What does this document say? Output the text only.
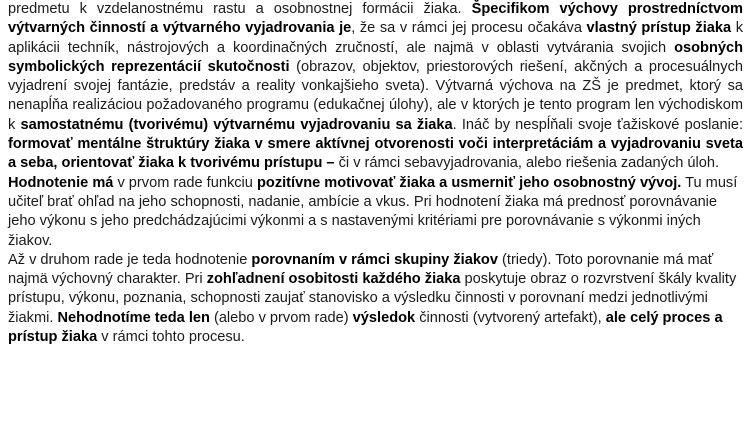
predmetu k vzdelanostnému rastu a osobnostnej formácii žiaka. Špecifikom výchovy prostredníctvom výtvarných činností a výtvarného vyjadrovania je, že sa v rámci jej procesu očakáva vlastný prístup žiaka k aplikácii techník, nástrojových a koordinačných zručností, ale najmä v oblasti vytvárania svojich osobných symbolických reprezentácií skutočnosti (obrazov, objektov, priestorových riešení, akčných a procesuálnych vyjadrení svojej fantázie, predstáv a reality vonkajšieho sveta). Výtvarná výchova na ZŠ je predmet, ktorý sa nenapĺňa realizáciou požadovaného programu (edukačnej úlohy), ale v ktorých je tento program len východiskom k samostatnému (tvorivému) výtvarnému vyjadrovaniu sa žiaka. Ináč by nespĺňali svoje ťažiskové poslanie: formovať mentálne štruktúry žiaka v smere aktívnej otvorenosti voči interpretáciám a vyjadrovaniu sveta a seba, orientovať žiaka k tvorivému prístupu – či v rámci sebavyjadrovania, alebo riešenia zadaných úloh.

Hodnotenie má v prvom rade funkciu pozitívne motivovať žiaka a usmerniť jeho osobnostný vývoj. Tu musí učiteľ brať ohľad na jeho schopnosti, nadanie, ambície a vkus. Pri hodnotení žiaka má prednosť porovnávanie jeho výkonu s jeho predchádzajúcimi výkonmi a s nastavenými kritériami pre porovnávanie s výkonmi iných žiakov.

Až v druhom rade je teda hodnotenie porovnaním v rámci skupiny žiakov (triedy). Toto porovnanie má mať najmä výchovný charakter. Pri zohľadnení osobitosti každého žiaka poskytuje obraz o rozvrstvení škály kvality prístupu, výkonu, poznania, schopnosti zaujať stanovisko a výsledku činnosti v porovnaní medzi jednotlivými žiakmi. Nehodnotíme teda len (alebo v prvom rade) výsledok činnosti (vytvorený artefakt), ale celý proces a prístup žiaka v rámci tohto procesu.
